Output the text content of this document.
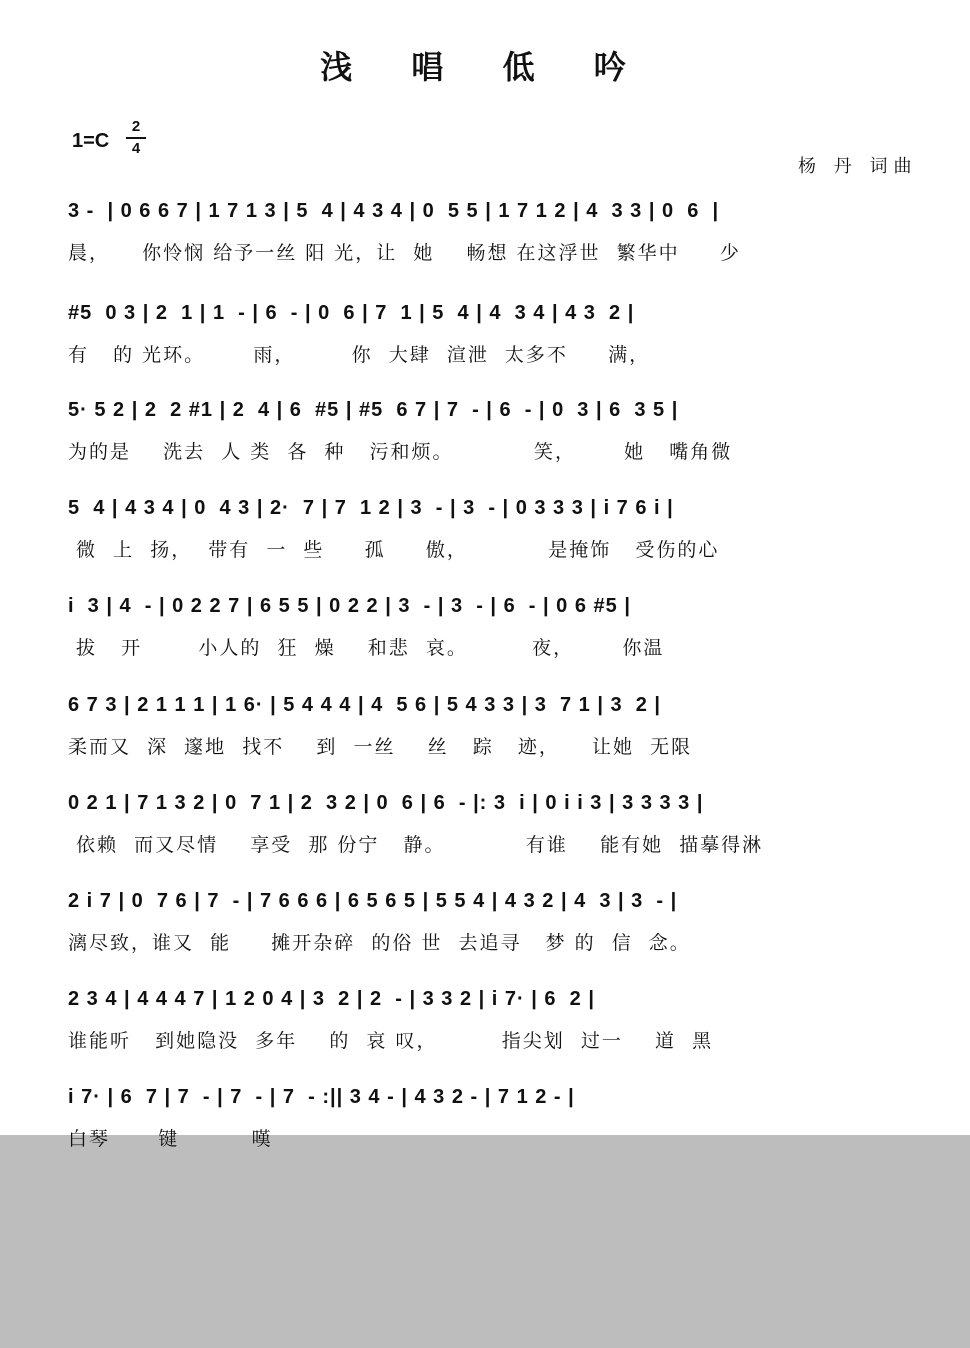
浅 唱 低 吟
1=C
2
4
杨 丹 词曲
3 -  | 0 6 6 7 | 1 7 1 3 | 5  4 | 4 3 4 | 0  5 5 | 1 7 1 2 | 4  3 3 | 0  6  |
晨，    你怜悯 给予一丝 阳 光，让  她    畅想 在这浮世  繁华中     少
#5  0 3 | 2  1 | 1  - | 6  - | 0  6 | 7  1 | 5  4 | 4  3 4 | 4 3  2 |
有   的 光环。      雨，       你  大肆  渲泄  太多不     满，
5· 5 2 | 2  2 #1 | 2  4 | 6  #5 | #5  6 7 | 7  - | 6  - | 0  3 | 6  3 5 |
为的是    洗去  人 类  各  种   污和烦。          笑，      她   嘴角微
5  4 | 4 3 4 | 0  4 3 | 2·  7 | 7  1 2 | 3  - | 3  - | 0 3 3 3 | i 7 6 i |
微  上  扬，  带有  一  些     孤     傲，          是掩饰   受伤的心
i  3 | 4  - | 0 2 2 7 | 6 5 5 | 0 2 2 | 3  - | 3  - | 6  - | 0 6 #5 |
拔   开       小人的  狂  燥    和悲  哀。        夜，      你温
6 7 3 | 2 1 1 1 | 1 6· | 5 4 4 4 | 4  5 6 | 5 4 3 3 | 3  7 1 | 3  2 |
柔而又  深  邃地  找不    到  一丝    丝   踪   迹，    让她  无限
0 2 1 | 7 1 3 2 | 0  7 1 | 2  3 2 | 0  6 | 6  - |: 3  i | 0 i i 3 | 3 3 3 3 |
依赖  而又尽情    享受  那 份宁   静。          有谁    能有她  描摹得淋
2 i 7 | 0  7 6 | 7  - | 7 6 6 6 | 6 5 6 5 | 5 5 4 | 4 3 2 | 4  3 | 3  - |
漓尽致，谁又  能     摊开杂碎  的俗 世  去追寻   梦 的  信  念。
2 3 4 | 4 4 4 7 | 1 2 0 4 | 3  2 | 2  - | 3 3 2 | i 7· | 6  2 |
谁能听   到她隐没  多年    的  哀 叹，        指尖划  过一    道  黑
i 7· | 6  7 | 7  - | 7  - | 7  - :|| 3 4 - | 4 3 2 - | 7 1 2 - |
白琴      键         嘆
